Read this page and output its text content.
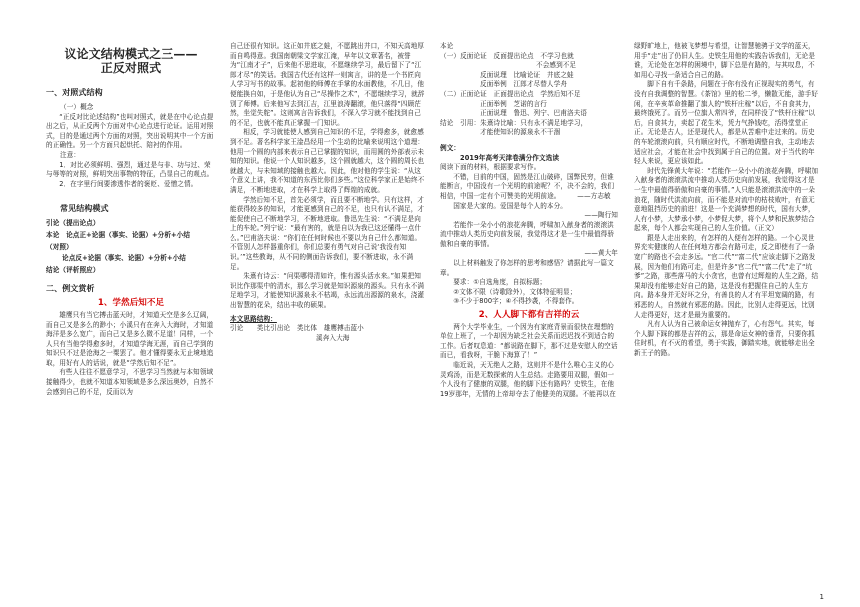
议论文结构模式之三——
正反对照式
一、对照式结构

（一）概念

“正反对比论述结构”也叫对照式，就是在中心论点提出之后，从正反两个方面对中心论点进行论证。运用对照式，目的是通过两个方面的对照，突出说明其中一个方面的正确性。另一个方面只起烘托、陪衬的作用。

注意：

1．对比必须鲜明、强烈，通过是与非、功与过、荣与辱等的对照，鲜明突出事物的特征，凸显自己的观点。

2．在字里行间要渗透作者的褒贬、爱憎之情。

常见结构模式
引论（提出论点）
本论　论点正+论据（事实、论据）+分析+小结
（对照）
论点反+论据（事实、论据）+分析+小结
结论（评析照应）
二、例文赏析
1、学然后知不足

雄鹰只有当它搏击蓝天时，才知道天空是多么辽阔，而自己又是多么的渺小；小溪只有在奔入大海时，才知道海洋是多么宽广，而自己又是多么微不足道！同样，一个人只有当他学得愈多时，才知道学海无涯，而自己学到的知识只不过是沧海之一粟罢了。他才懂得要永无止境地追取，用好有人的话说，就是“学然后知不足”。

有些人往往不愿意学习，不思学习当然就与本知领域接触得少，也就不知道本知领域是多么深远奥妙，自然不会感到自己的不足，反而以为

自己还很有知识。这正如井底之蛙，不愿跳出井口，不知天高地厚而自鸣得意。我国南朝梁文学家江淹，早年以文章著名，被誉为“江南才子”，后来他不思进取，不愿继续学习，最后留下了“江郎才尽”的笑话。我国古代还有这样一则寓言，讲的是一个书匠向人学习写书的故事。起初他的师傅在手掌的水面教他，不几日，他便能换自如，于是他认为自己“尽操作之术”，不愿继续学习，就辞别了师傅。后来他写去到江吉，江里浪涛翻滚，他只落得“四顾茫然，坐觉失舵”。这则寓言告诉我们，不深入学习就不能找到自己的不足，也就不能真正掌握一门知识。

相反，学习就能使人感到自己知识的不足，学得愈多，就愈感到不足。著名科学家王淦昌经用一个生动的比喻来说明这个道理：他用一个圆的内部来表示自己已掌握的知识，而用圆的外部表示未知的知识。他说一个人知识越多，这个圆就越大，这个圆的周长也就越大，与未知域的接触也越大。因此，他对他的学生说：“从这个意义上讲，我不知道的东西比你们多些。”这位科学家正是始终不满足，不断地进取，才在科学上取得了辉煌的成就。

学然后知不足，首先必须学，而且要不断地学。只有这样，才能获得较多的知识，才能更感到自己的不足，也只有认不满足，才能促使自己不断地学习，不断地进取。鲁迅先生说：“不满足是向上的车轮。”列宁说：“最有害的，就是自以为我已这还懂得一点什么。”巴甫洛夫说：“你们在任何时候也不要以为自己什么都知道。不管别人怎样器重你们，你们总要有勇气对自己说‘我没有知识。’”这些教诲，从不同的侧面告诉我们，要不断进取，永不满足。

朱熹有诗云：“问渠哪得清如许，惟有源头活水来。”如果把知识比作那渠中的清水，那么学习就是知识源泉的源头。只有永不满足地学习，才能使知识源泉永不枯竭，永远流出源源的泉水，浇灌出智慧的花朵，结出丰收的硕果。

本文思路结构：

引论　　类比引出论　类比体　雄鹰搏击蓝小

溪奔入大海

本论

（一）反面论证　反面提出论点　不学习也就

不会感到不足

反面说理　比喻论证　井底之蛙

反面举例　江郎才尽替人学舟

（二）正面论证　正面提出论点　学然后知不足

正面举例　芝诺的言行

正面说理　鲁迅、列宁、巴甫洛夫语

结论　引用：朱熹诗比喻：只有永不满足地学习，

才能使知识的源泉永不干涸

例文：
2019年高考天津卷满分作文选读

阅读下面的材料，根据要求写作。

不错，目前的中国，固然是江山破碎，国弊民穷，但谁能断言，中国没有一个光明的前途呢？不，决不会的，我们相信，中国一定有个可赞美的光明前途。　　　——方志敏

国家是大家的。爱国是每个人的本分。

——陶行知

若能作一朵小小的浪花奔腾，呼啸加入献身者的滚滚洪流中推动人类历史向前发展，我觉得这才是一生中最值得骄傲和自豪的事情。

——黄大年

以上材料触发了你怎样的思考和感悟？请据此写一篇文章。

要求：①自选角度，自拟标题；

②文体不限（诗歌除外），文体特征明显；

③不少于800字；④不得抄袭，不得套作。

2、人人脚下都有吉祥的云

两个大学毕业生，一个因为有家庭背景而很快在理想的单位上班了，一个却因为缺乏社会关系而迟迟找不到适合的工作。后者叹息道：“都说路在脚下，那不过是安慰人的空话而已，看我呀，干脆下海算了！”

临近说，天无绝人之路，这则并不是什么唯心主义的心灵鸡汤，而是无数探索的人生总结。走路要用双腿，假如一个人没有了健康的双腿，他的脚下还有路吗？史铁生，在他19岁那年，无情的上帝却夺去了他健美的双腿。不能再以在

绿野旷地上，他被飞梦想与希望，让智慧驰骋于文学的蓝天，用手“走”出了仍旧人生。史铁生用他的实践告诉我们，无论是谁，无论处在怎样的困境中，脚下总是有路的，与其叹息，不如用心寻找一条适合自己的路。

脚下自有千条路，问题在于你有没有正视现实的勇气，有没有自我调整的智慧。《茶馆》里的松二爷，懒散无能，游手好闲，在辛亥革命推翻了旗人的“铁杆庄稼”以后，不自食其力，最终饿死了。而另一位旗人常四爷，在同样没了“铁杆庄稼”以后，自食其力，卖起了花生米，凭力气挣钱吃，活得堂堂正正。无论是古人，还是现代人，都是从苦难中走过来的。历史的车轮滚滚向前，只有顺应时代，不断地调整自我，主动地去适应社会，才能在社会中找到属于自己的位置。对于当代的年轻人来说，更应该如此。

时代先锋黄大年说：“若能作一朵小小的浪花奔腾，呼啸加入献身者的滚滚洪流中推动人类历史向前发展，我觉得这才是一生中最值得骄傲和自豪的事情。”人只能是滚滚洪流中的一朵浪花，随时代洪流向前，而不能是对流中的枯枝败叶，有意无意地阻挡历史的前进！这是一个充满梦想的时代，国有大梦，人有小梦，大梦承小梦，小梦促大梦，将个人梦和民族梦结合起来，每个人都会实现自己的人生价值。（正文）

跟是人走出来的，有怎样的人便有怎样的路。一个心灵世界充实健康的人在任何地方都会有路可走，反之即使有了一条宽广的路也不会走多远。“官二代”“富二代”应该走脚下之路发展，因为他们有路可走，但是许多“官二代”“富二代”走了“坑爹”之路，那些落马的大小贪官，也曾有过辉煌的人生之路，结果却没有能够走好自己的路，这是没有把握住自己的人生方向。路本身并无好坏之分，有善良的人才有平坦宽阔的路，有邪恶的人，自然就有邪恶的路。因此，比别人走得更远，比别人走得更好，这才是最为重要的。

凡有人认为自己被命运女神抛弃了，心有怨气。其实，每个人脚下踩的都是吉祥的云，那是命运女神的垂青，只要你抓住时机，有不灭的希望，勇于实践，御踏实地，就能够走出全新王子的路。

1
